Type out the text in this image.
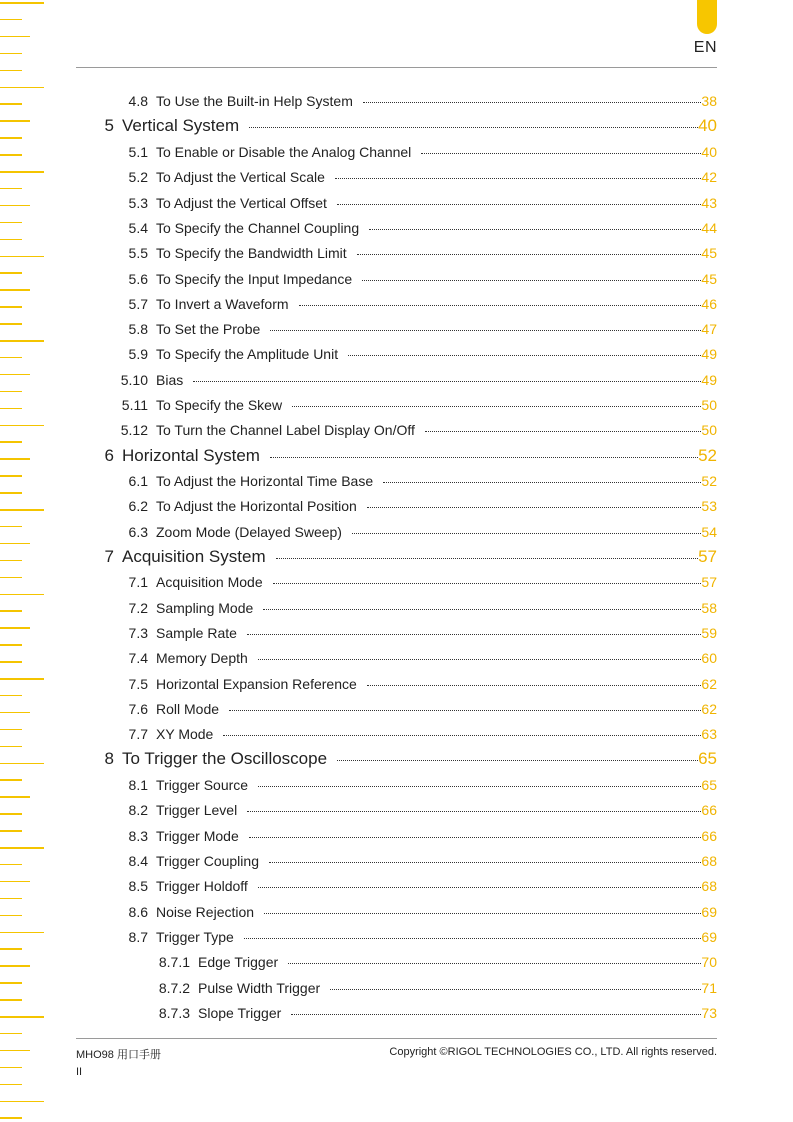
EN
4.8 To Use the Built-in Help System	38
5 Vertical System	40
5.1 To Enable or Disable the Analog Channel	40
5.2 To Adjust the Vertical Scale	42
5.3 To Adjust the Vertical Offset	43
5.4 To Specify the Channel Coupling	44
5.5 To Specify the Bandwidth Limit	45
5.6 To Specify the Input Impedance	45
5.7 To Invert a Waveform	46
5.8 To Set the Probe	47
5.9 To Specify the Amplitude Unit	49
5.10 Bias	49
5.11 To Specify the Skew	50
5.12 To Turn the Channel Label Display On/Off	50
6 Horizontal System	52
6.1 To Adjust the Horizontal Time Base	52
6.2 To Adjust the Horizontal Position	53
6.3 Zoom Mode (Delayed Sweep)	54
7 Acquisition System	57
7.1 Acquisition Mode	57
7.2 Sampling Mode	58
7.3 Sample Rate	59
7.4 Memory Depth	60
7.5 Horizontal Expansion Reference	62
7.6 Roll Mode	62
7.7 XY Mode	63
8 To Trigger the Oscilloscope	65
8.1 Trigger Source	65
8.2 Trigger Level	66
8.3 Trigger Mode	66
8.4 Trigger Coupling	68
8.5 Trigger Holdoff	68
8.6 Noise Rejection	69
8.7 Trigger Type	69
8.7.1 Edge Trigger	70
8.7.2 Pulse Width Trigger	71
8.7.3 Slope Trigger	73
MHO98 用口手册	Copyright ©RIGOL TECHNOLOGIES CO., LTD. All rights reserved.
II
